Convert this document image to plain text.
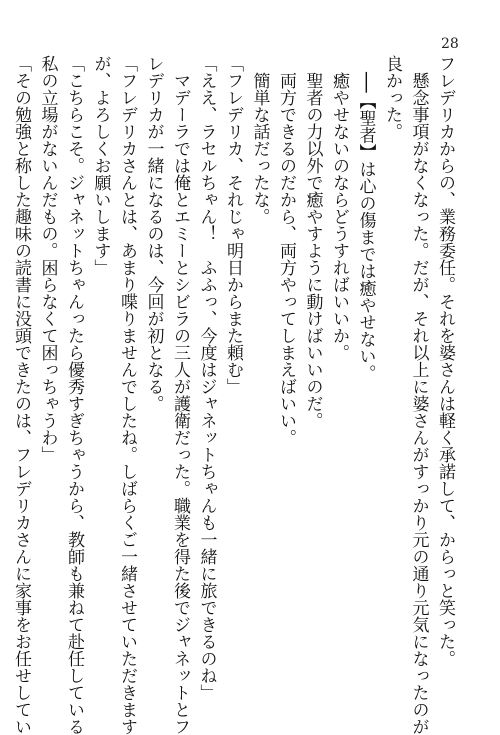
28
フレデリカからの、業務委任。それを婆さんは軽く承諾して、からっと笑った。
懸念事項がなくなった。だが、それ以上に婆さんがすっかり元の通り元気になったのが
良かった。
──【聖者】は心の傷までは癒やせない。
癒やせないのならどうすればいいか。
聖者の力以外で癒やすように動けばいいのだ。
両方できるのだから、両方やってしまえばいい。
簡単な話だったな。
「フレデリカ、それじゃ明日からまた頼む」
「ええ、ラセルちゃん！　ふふっ、今度はジャネットちゃんも一緒に旅できるのね」
マデーラでは俺とエミーとシビラの三人が護衛だった。職業を得た後でジャネットとフ
レデリカが一緒になるのは、今回が初となる。
「フレデリカさんとは、あまり喋りませんでしたね。しばらくご一緒させていただきます
が、よろしくお願いします」
「こちらこそ。ジャネットちゃんったら優秀すぎちゃうから、教師も兼ねて赴任している
私の立場がないんだもの。困らなくて困っちゃうわ」
「その勉強と称した趣味の読書に没頭できたのは、フレデリカさんに家事をお任せしてい
